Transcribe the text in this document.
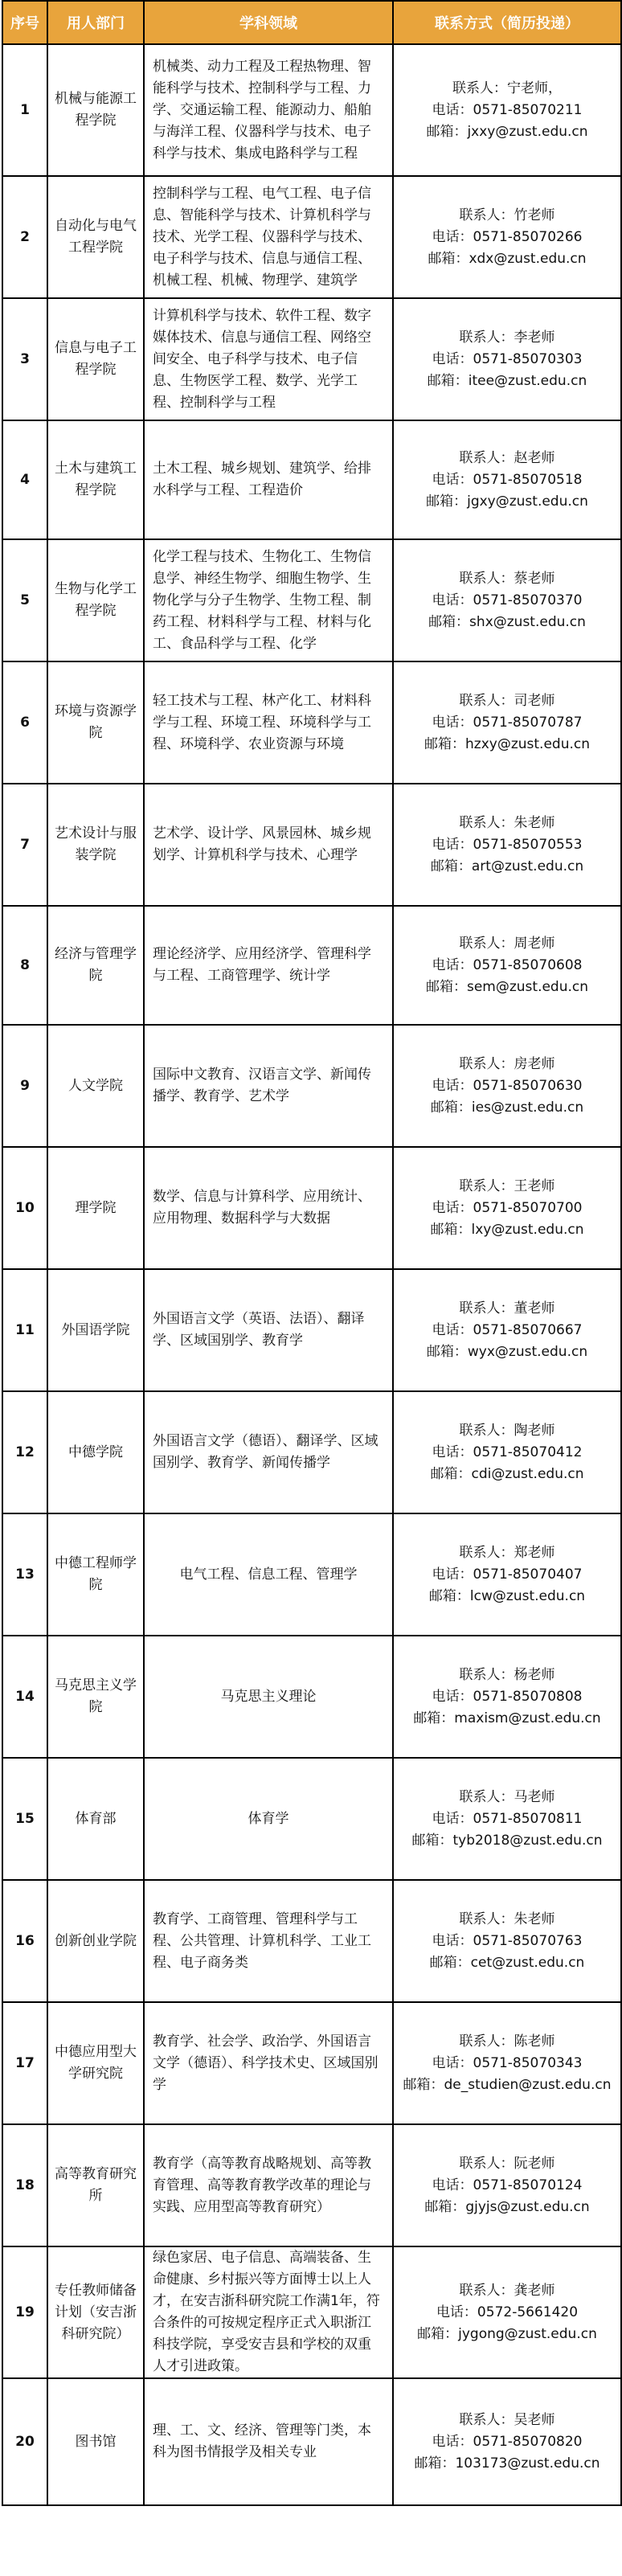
序号	用人部门	学科领域	联系方式（简历投递）
1	机械与能源工程学院	机械类、动力工程及工程热物理、智能科学与技术、控制科学与工程、力学、交通运输工程、能源动力、船舶与海洋工程、仪器科学与技术、电子科学与技术、集成电路科学与工程	联系人：宁老师，
电话：0571-85070211
邮箱：jxxy@zust.edu.cn

2	自动化与电气工程学院	控制科学与工程、电气工程、电子信息、智能科学与技术、计算机科学与技术、光学工程、仪器科学与技术、电子科学与技术、信息与通信工程、机械工程、机械、物理学、建筑学	联系人：竹老师
电话：0571-85070266
邮箱：xdx@zust.edu.cn

3	信息与电子工程学院	计算机科学与技术、软件工程、数字媒体技术、信息与通信工程、网络空间安全、电子科学与技术、电子信息、生物医学工程、数学、光学工程、控制科学与工程	联系人：李老师
电话：0571-85070303
邮箱：itee@zust.edu.cn

4	土木与建筑工程学院	土木工程、城乡规划、建筑学、给排水科学与工程、工程造价	联系人：赵老师
电话：0571-85070518
邮箱：jgxy@zust.edu.cn

5	生物与化学工程学院	化学工程与技术、生物化工、生物信息学、神经生物学、细胞生物学、生物化学与分子生物学、生物工程、制药工程、材料科学与工程、材料与化工、食品科学与工程、化学	联系人：蔡老师
电话：0571-85070370
邮箱：shx@zust.edu.cn

6	环境与资源学院	轻工技术与工程、林产化工、材料科学与工程、环境工程、环境科学与工程、环境科学、农业资源与环境	联系人：司老师
电话：0571-85070787
邮箱：hzxy@zust.edu.cn

7	艺术设计与服装学院	艺术学、设计学、风景园林、城乡规划学、计算机科学与技术、心理学	联系人：朱老师
电话：0571-85070553
邮箱：art@zust.edu.cn

8	经济与管理学院	理论经济学、应用经济学、管理科学与工程、工商管理学、统计学	联系人：周老师
电话：0571-85070608
邮箱：sem@zust.edu.cn

9	人文学院	国际中文教育、汉语言文学、新闻传播学、教育学、艺术学	联系人：房老师
电话：0571-85070630
邮箱：ies@zust.edu.cn

10	理学院	数学、信息与计算科学、应用统计、应用物理、数据科学与大数据	联系人：王老师
电话：0571-85070700
邮箱：lxy@zust.edu.cn

11	外国语学院	外国语言文学（英语、法语）、翻译学、区域国别学、教育学	联系人：董老师
电话：0571-85070667
邮箱：wyx@zust.edu.cn

12	中德学院	外国语言文学（德语）、翻译学、区域国别学、教育学、新闻传播学	联系人：陶老师
电话：0571-85070412
邮箱：cdi@zust.edu.cn

13	中德工程师学院	电气工程、信息工程、管理学	联系人：郑老师
电话：0571-85070407
邮箱：lcw@zust.edu.cn

14	马克思主义学院	马克思主义理论	联系人：杨老师
电话：0571-85070808
邮箱：maxism@zust.edu.cn

15	体育部	体育学	联系人：马老师
电话：0571-85070811
邮箱：tyb2018@zust.edu.cn

16	创新创业学院	教育学、工商管理、管理科学与工程、公共管理、计算机科学、工业工程、电子商务类	联系人：朱老师
电话：0571-85070763
邮箱：cet@zust.edu.cn

17	中德应用型大学研究院	教育学、社会学、政治学、外国语言文学（德语）、科学技术史、区域国别学	联系人：陈老师
电话：0571-85070343
邮箱：de_studien@zust.edu.cn

18	高等教育研究所	教育学（高等教育战略规划、高等教育管理、高等教育教学改革的理论与实践、应用型高等教育研究）	联系人：阮老师
电话：0571-85070124
邮箱：gjyjs@zust.edu.cn

19	专任教师储备计划（安吉浙科研究院）	绿色家居、电子信息、高端装备、生命健康、乡村振兴等方面博士以上人才，在安吉浙科研究院工作满1年，符合条件的可按规定程序正式入职浙江科技学院，享受安吉县和学校的双重人才引进政策。	联系人：龚老师
电话：0572-5661420
邮箱：jygong@zust.edu.cn

20	图书馆	理、工、文、经济、管理等门类，本科为图书情报学及相关专业	联系人：吴老师
电话：0571-85070820
邮箱：103173@zust.edu.cn
